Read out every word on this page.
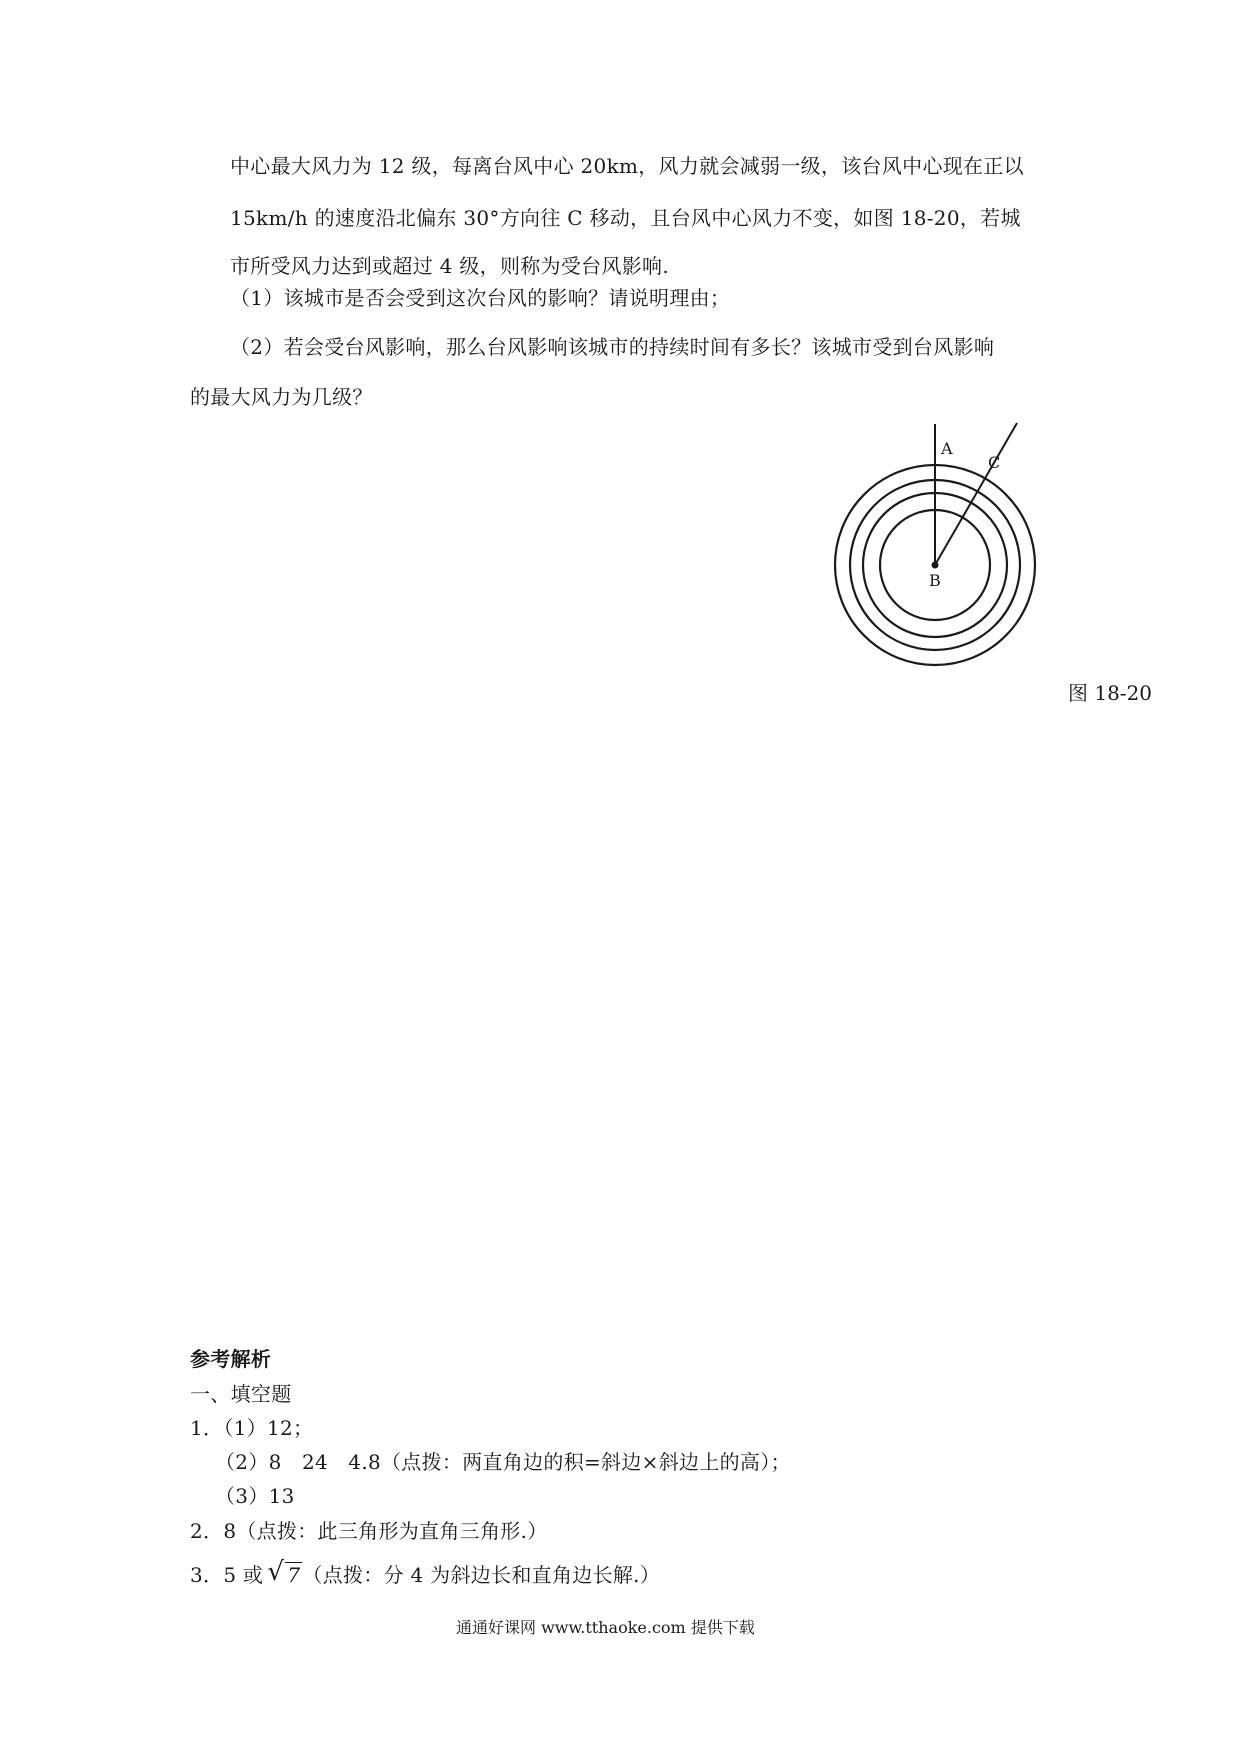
中心最大风力为 12 级，每离台风中心 20km，风力就会减弱一级，该台风中心现在正以
15km/h 的速度沿北偏东 30°方向往 C 移动，且台风中心风力不变，如图 18-20，若城
市所受风力达到或超过 4 级，则称为受台风影响.
（1）该城市是否会受到这次台风的影响？请说明理由；
（2）若会受台风影响，那么台风影响该城市的持续时间有多长？该城市受到台风影响
的最大风力为几级？
A
C
B
图 18-20
参考解析
一、填空题
1．（1）12；
（2）8　24　4.8（点拨：两直角边的积=斜边×斜边上的高）；
（3）13
2．8（点拨：此三角形为直角三角形.）
3．5 或 √ 7 （点拨：分 4 为斜边长和直角边长解.）
通通好课网 www.tthaoke.com 提供下载
